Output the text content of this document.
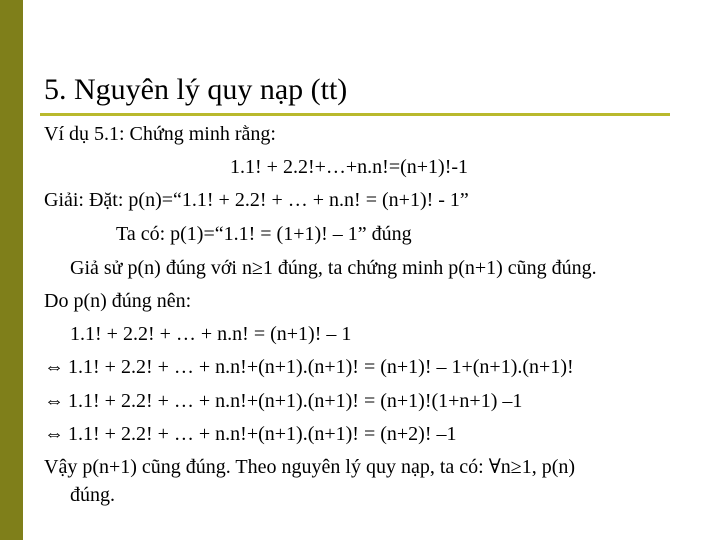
5. Nguyên lý quy nạp (tt)
Ví dụ 5.1: Chứng minh rằng:
1.1! + 2.2!+…+n.n!=(n+1)!-1
Giải: Đặt: p(n)=“1.1! + 2.2! + … + n.n! = (n+1)! - 1”
Ta có: p(1)=“1.1! = (1+1)! – 1” đúng
Giả sử p(n) đúng với n≥1 đúng, ta chứng minh p(n+1) cũng đúng.
Do p(n) đúng nên:
1.1! + 2.2! + … + n.n! = (n+1)! – 1
⇔ 1.1! + 2.2! + … + n.n!+(n+1).(n+1)! = (n+1)! – 1+(n+1).(n+1)!
⇔ 1.1! + 2.2! + … + n.n!+(n+1).(n+1)! = (n+1)!(1+n+1) –1
⇔ 1.1! + 2.2! + … + n.n!+(n+1).(n+1)! = (n+2)! –1
Vậy p(n+1) cũng đúng. Theo nguyên lý quy nạp, ta có: ∀n≥1, p(n)
đúng.
